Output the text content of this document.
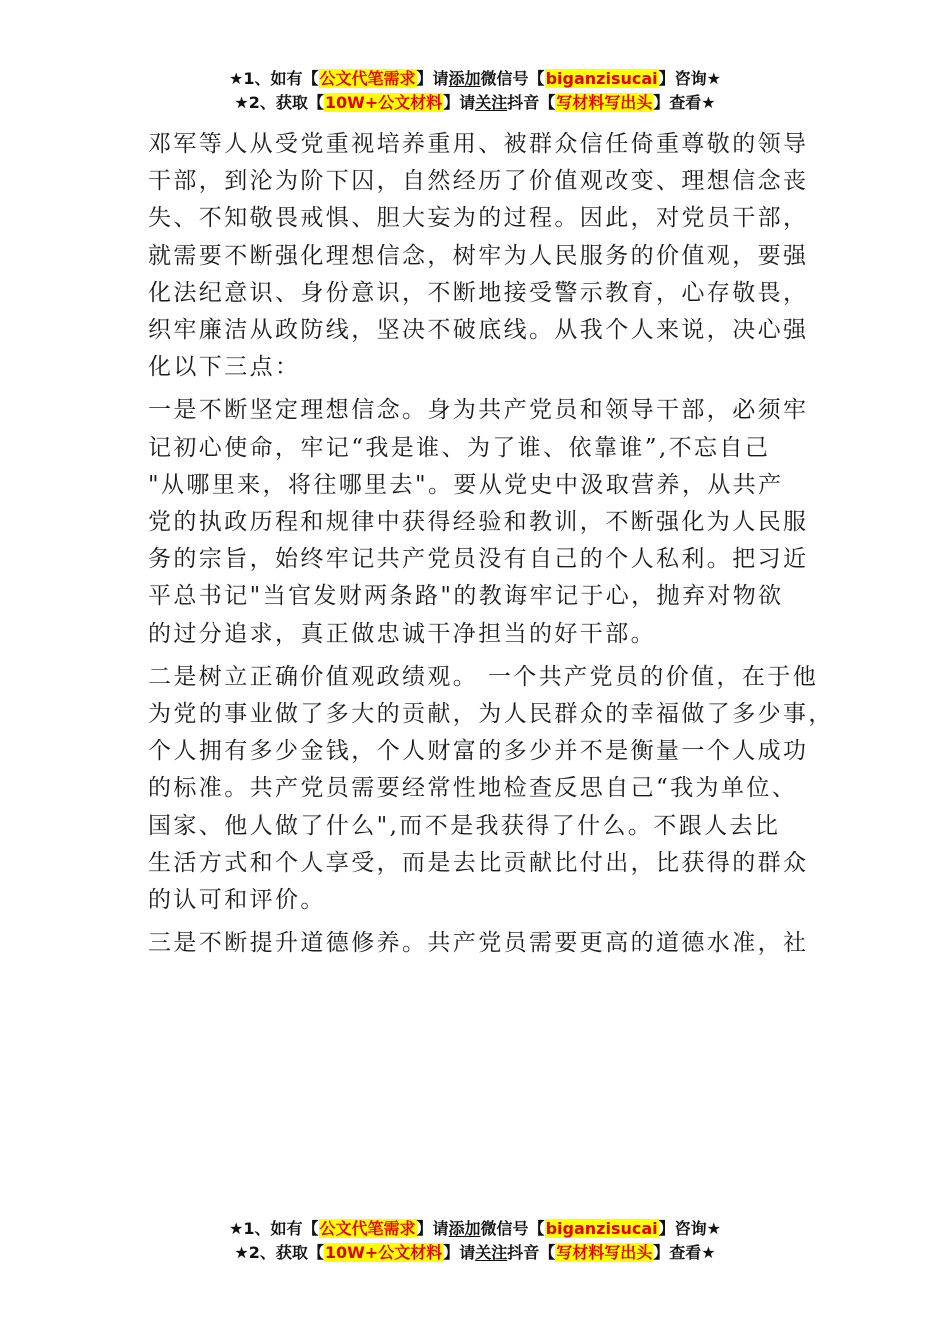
★1、如有【公文代笔需求】请添加微信号【biganzisucai】咨询★
★2、获取【10W+公文材料】请关注抖音【写材料写出头】查看★

邓军等人从受党重视培养重用、被群众信任倚重尊敬的领导
干部，到沦为阶下囚，自然经历了价值观改变、理想信念丧
失、不知敬畏戒惧、胆大妄为的过程。因此，对党员干部，
就需要不断强化理想信念，树牢为人民服务的价值观，要强
化法纪意识、身份意识，不断地接受警示教育，心存敬畏，
织牢廉洁从政防线，坚决不破底线。从我个人来说，决心强
化以下三点：

一是不断坚定理想信念。身为共产党员和领导干部，必须牢
记初心使命，牢记“我是谁、为了谁、依靠谁”,不忘自己
"从哪里来，将往哪里去"。要从党史中汲取营养，从共产
党的执政历程和规律中获得经验和教训，不断强化为人民服
务的宗旨，始终牢记共产党员没有自己的个人私利。把习近
平总书记"当官发财两条路"的教诲牢记于心，抛弃对物欲
的过分追求，真正做忠诚干净担当的好干部。

二是树立正确价值观政绩观。 一个共产党员的价值，在于他
为党的事业做了多大的贡献，为人民群众的幸福做了多少事，
个人拥有多少金钱，个人财富的多少并不是衡量一个人成功
的标准。共产党员需要经常性地检查反思自己“我为单位、
国家、他人做了什么",而不是我获得了什么。不跟人去比
生活方式和个人享受，而是去比贡献比付出，比获得的群众
的认可和评价。

三是不断提升道德修养。共产党员需要更高的道德水准，社

★1、如有【公文代笔需求】请添加微信号【biganzisucai】咨询★
★2、获取【10W+公文材料】请关注抖音【写材料写出头】查看★
